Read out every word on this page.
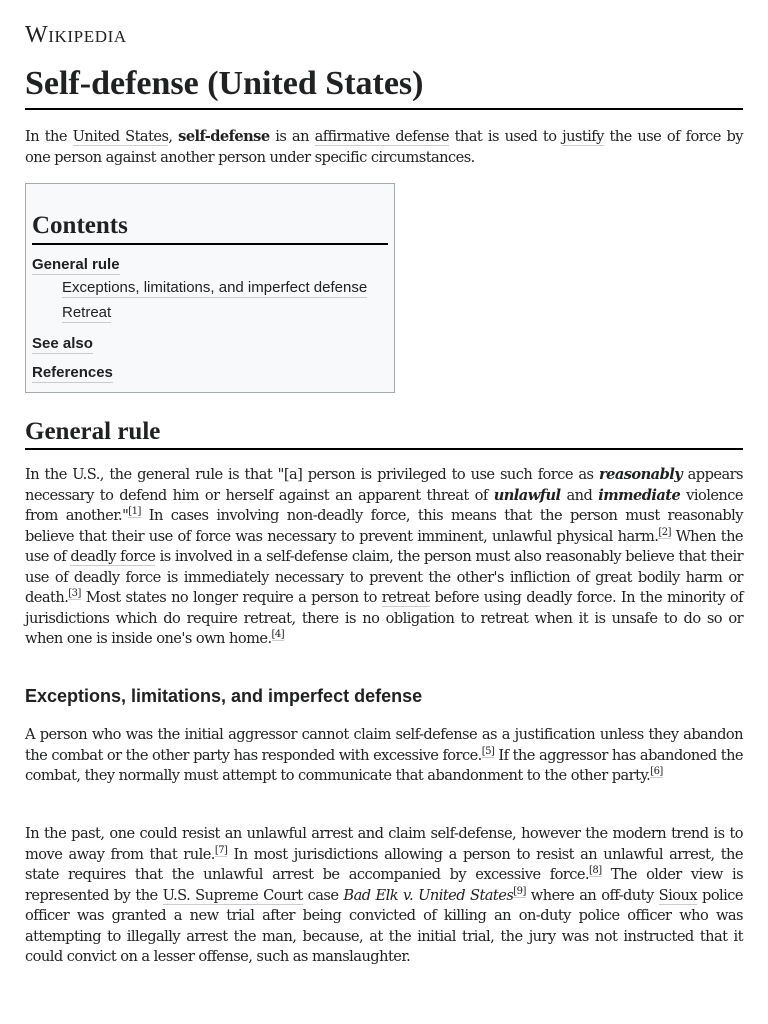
Wikipedia
Self-defense (United States)

In the United States, self-defense is an affirmative defense that is used to justify the use of force by one person against another person under specific circumstances.

Contents
General rule
Exceptions, limitations, and imperfect defense
Retreat
See also
References
General rule

In the U.S., the general rule is that "[a] person is privileged to use such force as reasonably appears necessary to defend him or herself against an apparent threat of unlawful and immediate violence from another."[1] In cases involving non-deadly force, this means that the person must reasonably believe that their use of force was necessary to prevent imminent, unlawful physical harm.[2] When the use of deadly force is involved in a self-defense claim, the person must also reasonably believe that their use of deadly force is immediately necessary to prevent the other's infliction of great bodily harm or death.[3] Most states no longer require a person to retreat before using deadly force. In the minority of jurisdictions which do require retreat, there is no obligation to retreat when it is unsafe to do so or when one is inside one's own home.[4]

Exceptions, limitations, and imperfect defense

A person who was the initial aggressor cannot claim self-defense as a justification unless they abandon the combat or the other party has responded with excessive force.[5] If the aggressor has abandoned the combat, they normally must attempt to communicate that abandonment to the other party.[6]

In the past, one could resist an unlawful arrest and claim self-defense, however the modern trend is to move away from that rule.[7] In most jurisdictions allowing a person to resist an unlawful arrest, the state requires that the unlawful arrest be accompanied by excessive force.[8] The older view is represented by the U.S. Supreme Court case Bad Elk v. United States[9] where an off-duty Sioux police officer was granted a new trial after being convicted of killing an on-duty police officer who was attempting to illegally arrest the man, because, at the initial trial, the jury was not instructed that it could convict on a lesser offense, such as manslaughter.
